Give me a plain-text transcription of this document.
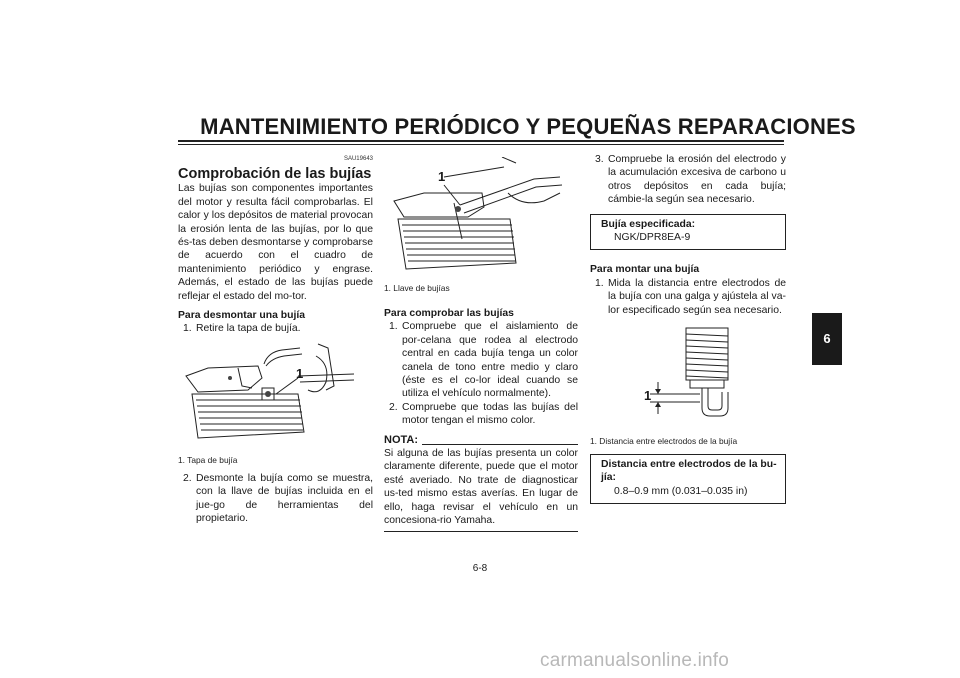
MANTENIMIENTO PERIÓDICO Y PEQUEÑAS REPARACIONES
SAU19643
Comprobación de las bujías
Las bujías son componentes importantes del motor y resulta fácil comprobarlas. El calor y los depósitos de material provocan la erosión lenta de las bujías, por lo que és-tas deben desmontarse y comprobarse de acuerdo con el cuadro de mantenimiento periódico y engrase. Además, el estado de las bujías puede reflejar el estado del mo-tor.
Para desmontar una bujía
1. Retire la tapa de bujía.
1
1. Tapa de bujía
2. Desmonte la bujía como se muestra, con la llave de bujías incluida en el jue-go de herramientas del propietario.
1
1. Llave de bujías
Para comprobar las bujías
1. Compruebe que el aislamiento de por-celana que rodea al electrodo central en cada bujía tenga un color canela de tono entre medio y claro (éste es el co-lor ideal cuando se utiliza el vehículo normalmente).
2. Compruebe que todas las bujías del motor tengan el mismo color.
NOTA:
Si alguna de las bujías presenta un color claramente diferente, puede que el motor esté averiado. No trate de diagnosticar us-ted mismo estas averías. En lugar de ello, haga revisar el vehículo en un concesiona-rio Yamaha.
3. Compruebe la erosión del electrodo y la acumulación excesiva de carbono u otros depósitos en cada bujía; cámbie-la según sea necesario.
Bujía especificada:
NGK/DPR8EA-9
Para montar una bujía
1. Mida la distancia entre electrodos de la bujía con una galga y ajústela al va-lor especificado según sea necesario.
1
1. Distancia entre electrodos de la bujía
Distancia entre electrodos de la bu-jía:
0.8–0.9 mm (0.031–0.035 in)
6
6-8
carmanualsonline.info
